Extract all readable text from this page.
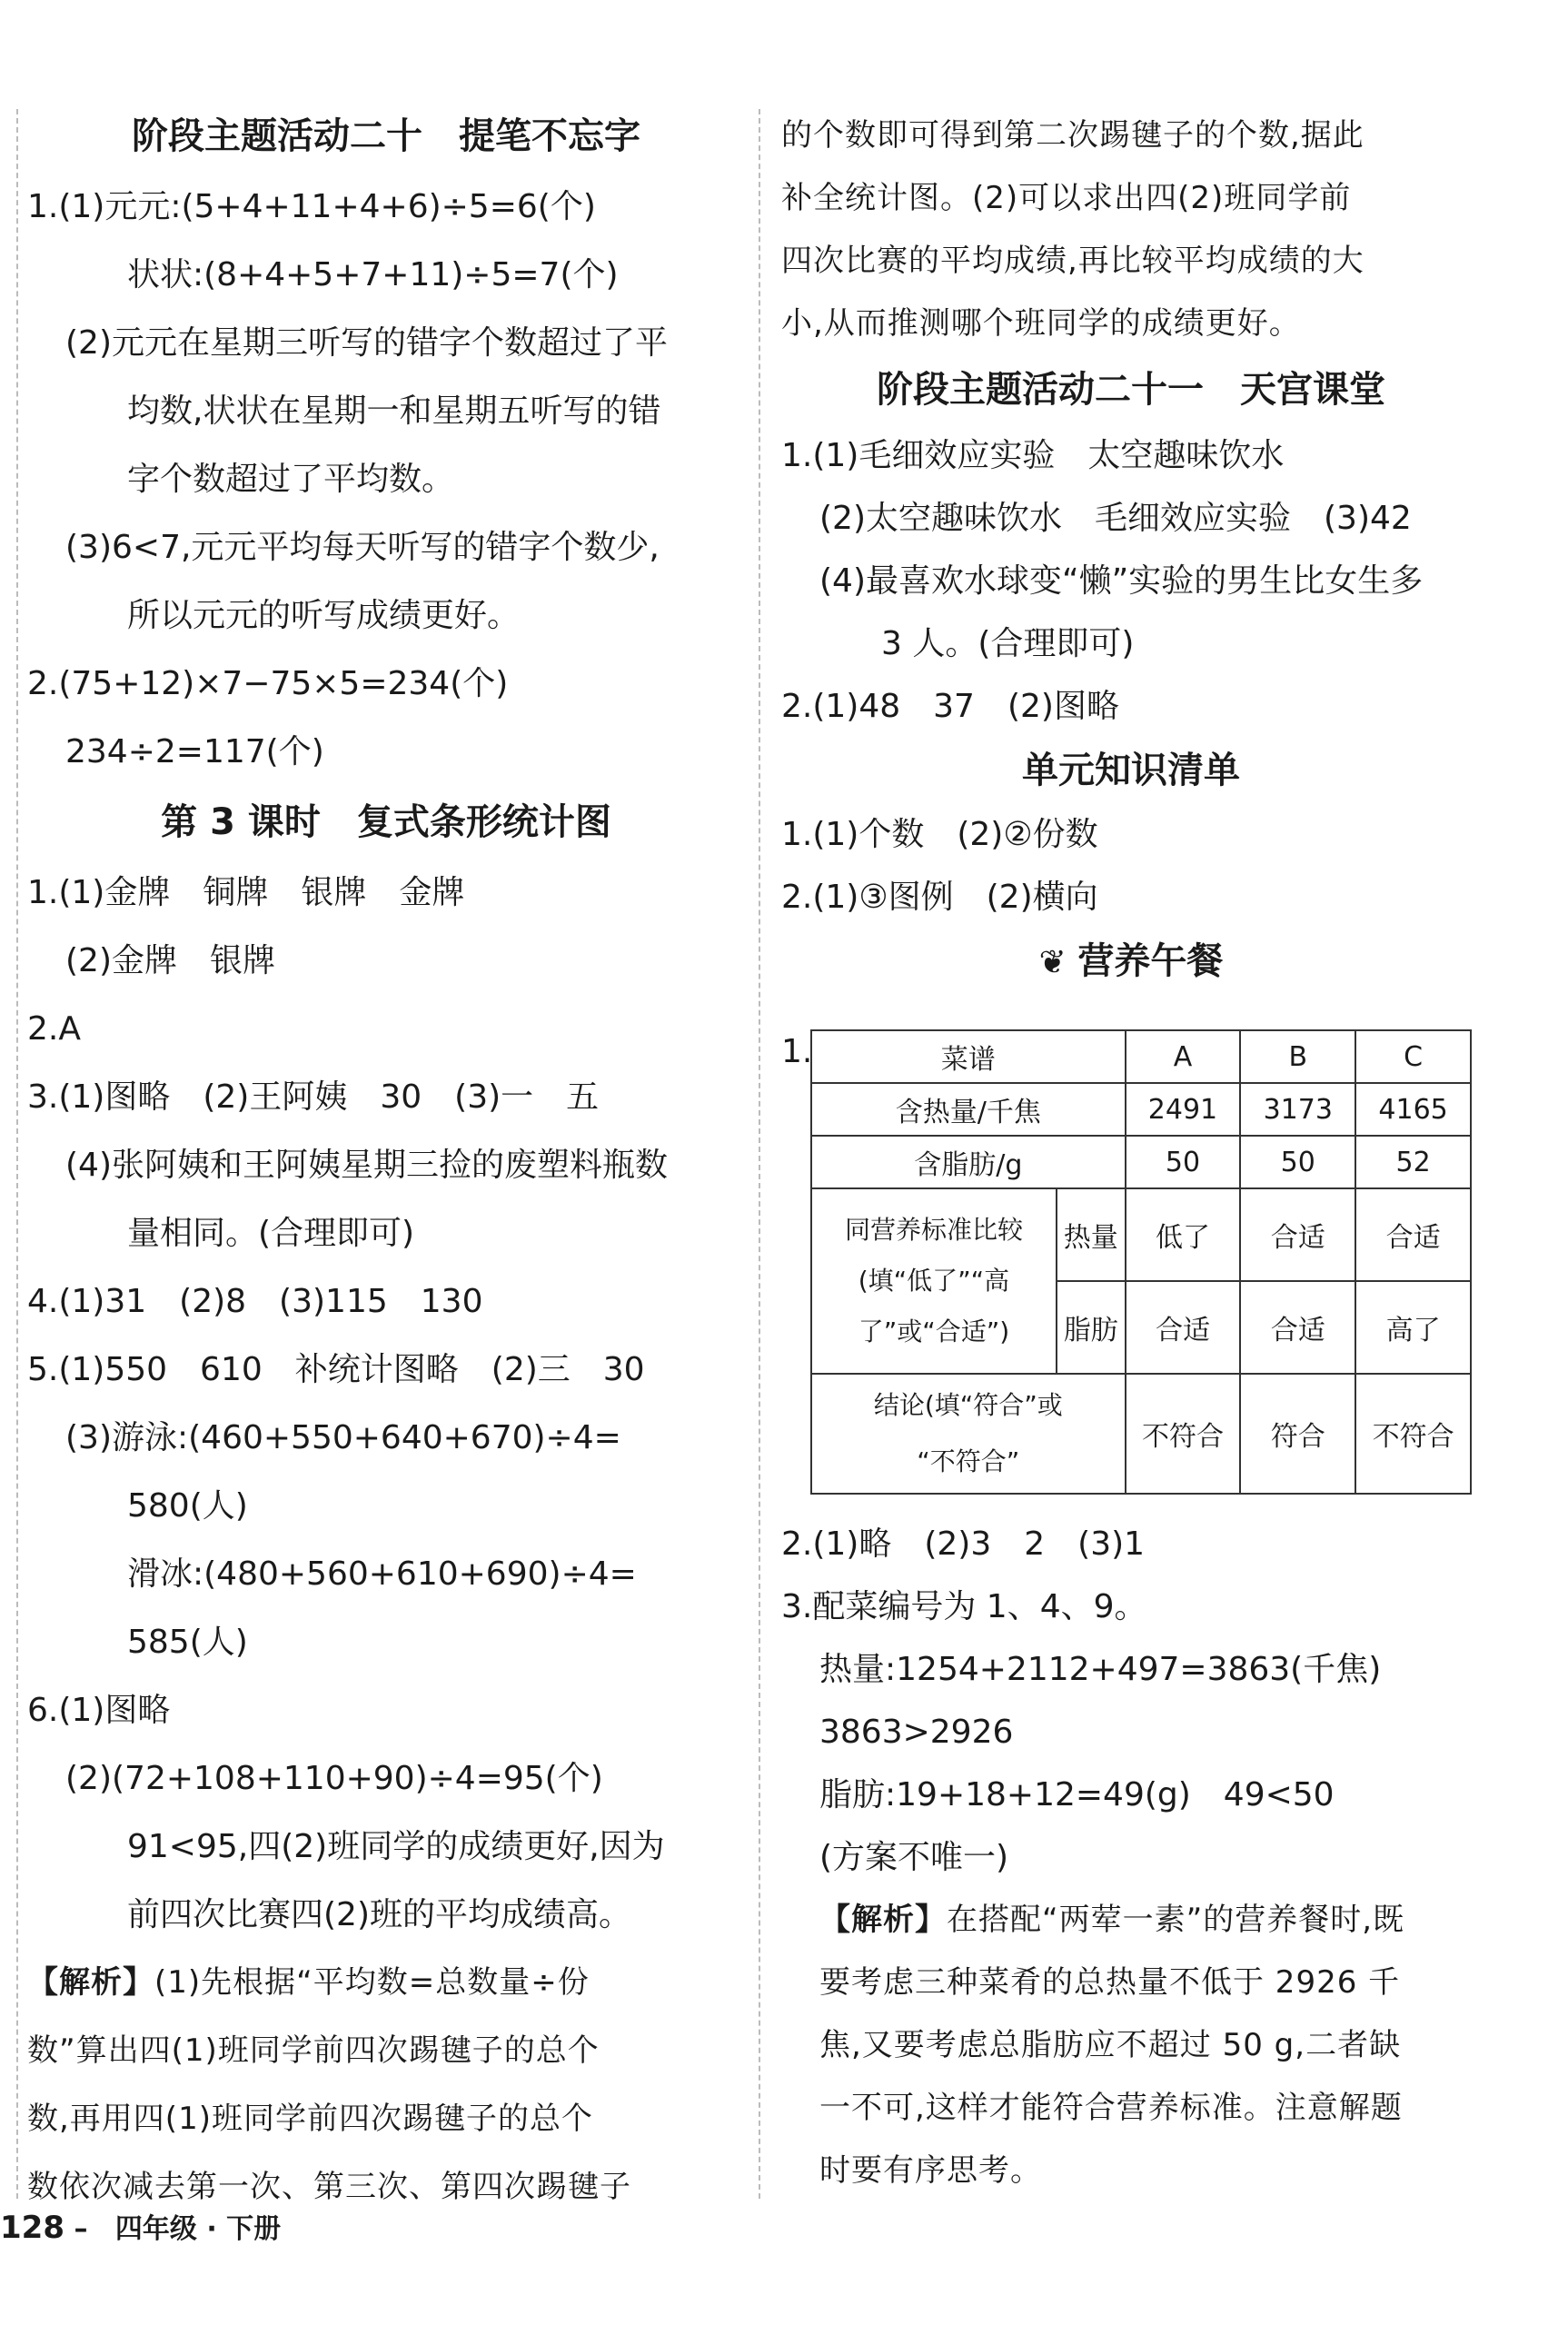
阶段主题活动二十　提笔不忘字
1.(1)元元:(5+4+11+4+6)÷5=6(个)
状状:(8+4+5+7+11)÷5=7(个)
(2)元元在星期三听写的错字个数超过了平
均数,状状在星期一和星期五听写的错
字个数超过了平均数。
(3)6<7,元元平均每天听写的错字个数少,
所以元元的听写成绩更好。
2.(75+12)×7−75×5=234(个)
234÷2=117(个)
第 3 课时　复式条形统计图
1.(1)金牌　铜牌　银牌　金牌
(2)金牌　银牌
2.A
3.(1)图略　(2)王阿姨　30　(3)一　五
(4)张阿姨和王阿姨星期三捡的废塑料瓶数
量相同。(合理即可)
4.(1)31　(2)8　(3)115　130
5.(1)550　610　补统计图略　(2)三　30
(3)游泳:(460+550+640+670)÷4=
580(人)
滑冰:(480+560+610+690)÷4=
585(人)
6.(1)图略
(2)(72+108+110+90)÷4=95(个)
91<95,四(2)班同学的成绩更好,因为
前四次比赛四(2)班的平均成绩高。
【解析】(1)先根据“平均数=总数量÷份
数”算出四(1)班同学前四次踢毽子的总个
数,再用四(1)班同学前四次踢毽子的总个
数依次减去第一次、第三次、第四次踢毽子
的个数即可得到第二次踢毽子的个数,据此
补全统计图。(2)可以求出四(2)班同学前
四次比赛的平均成绩,再比较平均成绩的大
小,从而推测哪个班同学的成绩更好。
阶段主题活动二十一　天宫课堂
1.(1)毛细效应实验　太空趣味饮水
(2)太空趣味饮水　毛细效应实验　(3)42
(4)最喜欢水球变“懒”实验的男生比女生多
3 人。(合理即可)
2.(1)48　37　(2)图略
单元知识清单
1.(1)个数　(2)②份数
2.(1)③图例　(2)横向
❦ 营养午餐
1.	菜谱		A	B	C
含热量/千焦		2491	3173	4165
含脂肪/g		50	50	52

同营养标准比较
(填“低了”“高
了”或“合适”)	热量	低了	合适	合适
	脂肪	合适	合适	高了

结论(填“符合”或
“不符合”		不符合	符合	不符合
2.(1)略　(2)3　2　(3)1
3.配菜编号为 1、4、9。
热量:1254+2112+497=3863(千焦)
3863>2926
脂肪:19+18+12=49(g)　49<50
(方案不唯一)
【解析】在搭配“两荤一素”的营养餐时,既
要考虑三种菜肴的总热量不低于 2926 千
焦,又要考虑总脂肪应不超过 50 g,二者缺
一不可,这样才能符合营养标准。注意解题
时要有序思考。
128 – 四年级 · 下册
